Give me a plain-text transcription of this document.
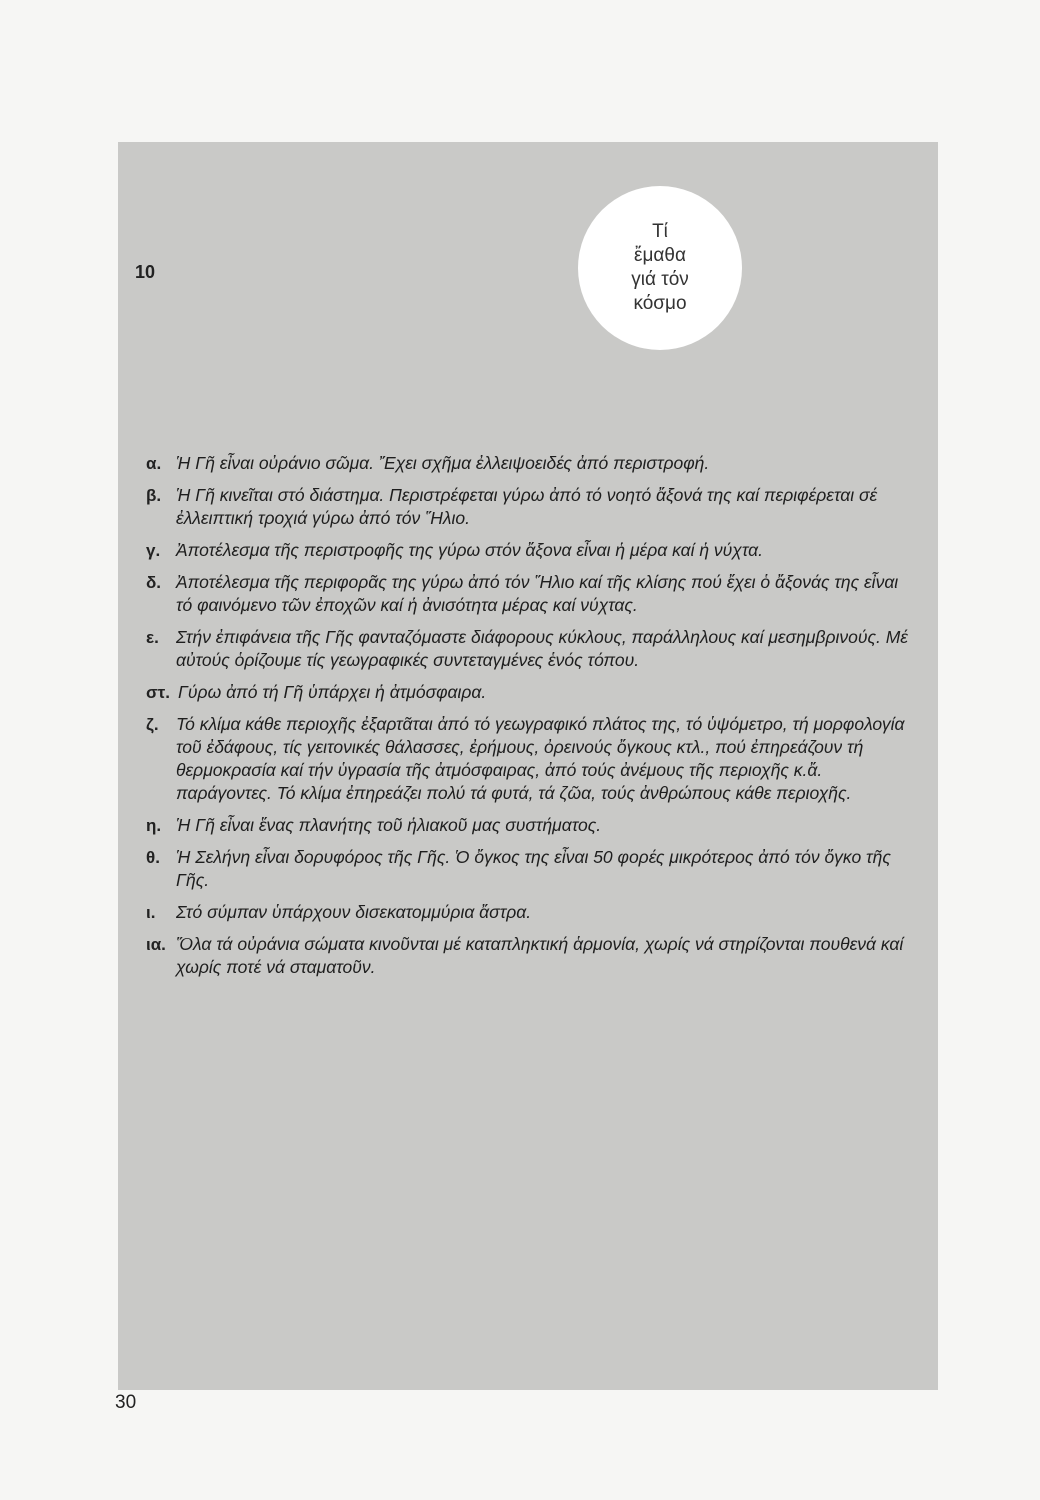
10
Τί
ἔμαθα
γιά τόν
κόσμο
α. Ἡ Γῆ εἶναι οὐράνιο σῶμα. Ἔχει σχῆμα ἐλλειψοειδές ἀπό περιστροφή.
β. Ἡ Γῆ κινεῖται στό διάστημα. Περιστρέφεται γύρω ἀπό τό νοητό ἄξονά της καί περιφέρεται σέ ἐλλειπτική τροχιά γύρω ἀπό τόν Ἥλιο.
γ. Ἀποτέλεσμα τῆς περιστροφῆς της γύρω στόν ἄξονα εἶναι ἡ μέρα καί ἡ νύχτα.
δ. Ἀποτέλεσμα τῆς περιφορᾶς της γύρω ἀπό τόν Ἥλιο καί τῆς κλίσης πού ἔχει ὁ ἄξονάς της εἶναι τό φαινόμενο τῶν ἐποχῶν καί ἡ ἀνισότητα μέρας καί νύχτας.
ε. Στήν ἐπιφάνεια τῆς Γῆς φανταζόμαστε διάφορους κύκλους, παράλληλους καί μεσημβρινούς. Μέ αὐτούς ὁρίζουμε τίς γεωγραφικές συντεταγμένες ἑνός τόπου.
στ. Γύρω ἀπό τή Γῆ ὑπάρχει ἡ ἀτμόσφαιρα.
ζ. Τό κλίμα κάθε περιοχῆς ἐξαρτᾶται ἀπό τό γεωγραφικό πλάτος της, τό ὑψόμετρο, τή μορφολογία τοῦ ἐδάφους, τίς γειτονικές θάλασσες, ἐρήμους, ὀρεινούς ὄγκους κτλ., πού ἐπηρεάζουν τή θερμοκρασία καί τήν ὑγρασία τῆς ἀτμόσφαιρας, ἀπό τούς ἀνέμους τῆς περιοχῆς κ.ἄ. παράγοντες. Τό κλίμα ἐπηρεάζει πολύ τά φυτά, τά ζῶα, τούς ἀνθρώπους κάθε περιοχῆς.
η. Ἡ Γῆ εἶναι ἕνας πλανήτης τοῦ ἡλιακοῦ μας συστήματος.
θ. Ἡ Σελήνη εἶναι δορυφόρος τῆς Γῆς. Ὁ ὄγκος της εἶναι 50 φορές μικρότερος ἀπό τόν ὄγκο τῆς Γῆς.
ι.	Στό σύμπαν ὑπάρχουν δισεκατομμύρια ἄστρα.
ια. Ὅλα τά οὐράνια σώματα κινοῦνται μέ καταπληκτική ἁρμονία, χωρίς νά στηρίζονται πουθενά καί χωρίς ποτέ νά σταματοῦν.
30
